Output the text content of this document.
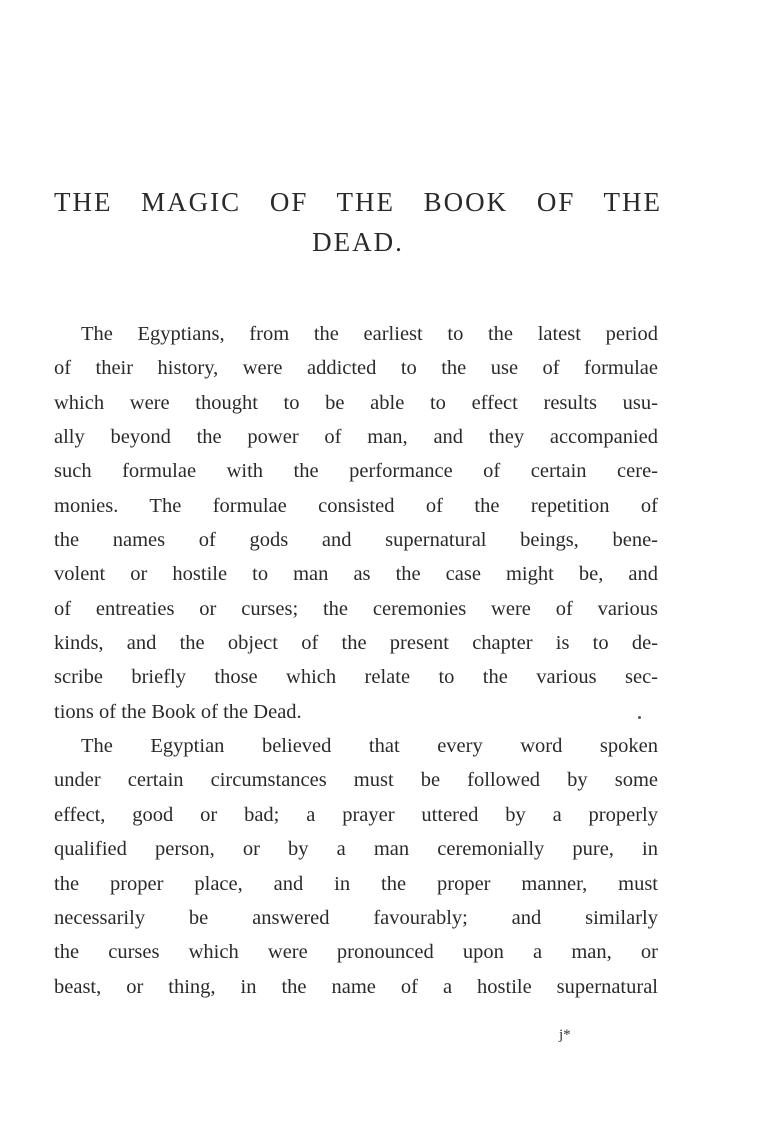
THE MAGIC OF THE BOOK OF THE
DEAD.
The Egyptians, from the earliest to the latest period
of their history, were addicted to the use of formulae
which were thought to be able to effect results usu-
ally beyond the power of man, and they accompanied
such formulae with the performance of certain cere-
monies. The formulae consisted of the repetition of
the names of gods and supernatural beings, bene-
volent or hostile to man as the case might be, and
of entreaties or curses; the ceremonies were of various
kinds, and the object of the present chapter is to de-
scribe briefly those which relate to the various sec-
tions of the Book of the Dead.
The Egyptian believed that every word spoken
under certain circumstances must be followed by some
effect, good or bad; a prayer uttered by a properly
qualified person, or by a man ceremonially pure, in
the proper place, and in the proper manner, must
necessarily be answered favourably; and similarly
the curses which were pronounced upon a man, or
beast, or thing, in the name of a hostile supernatural
j*
